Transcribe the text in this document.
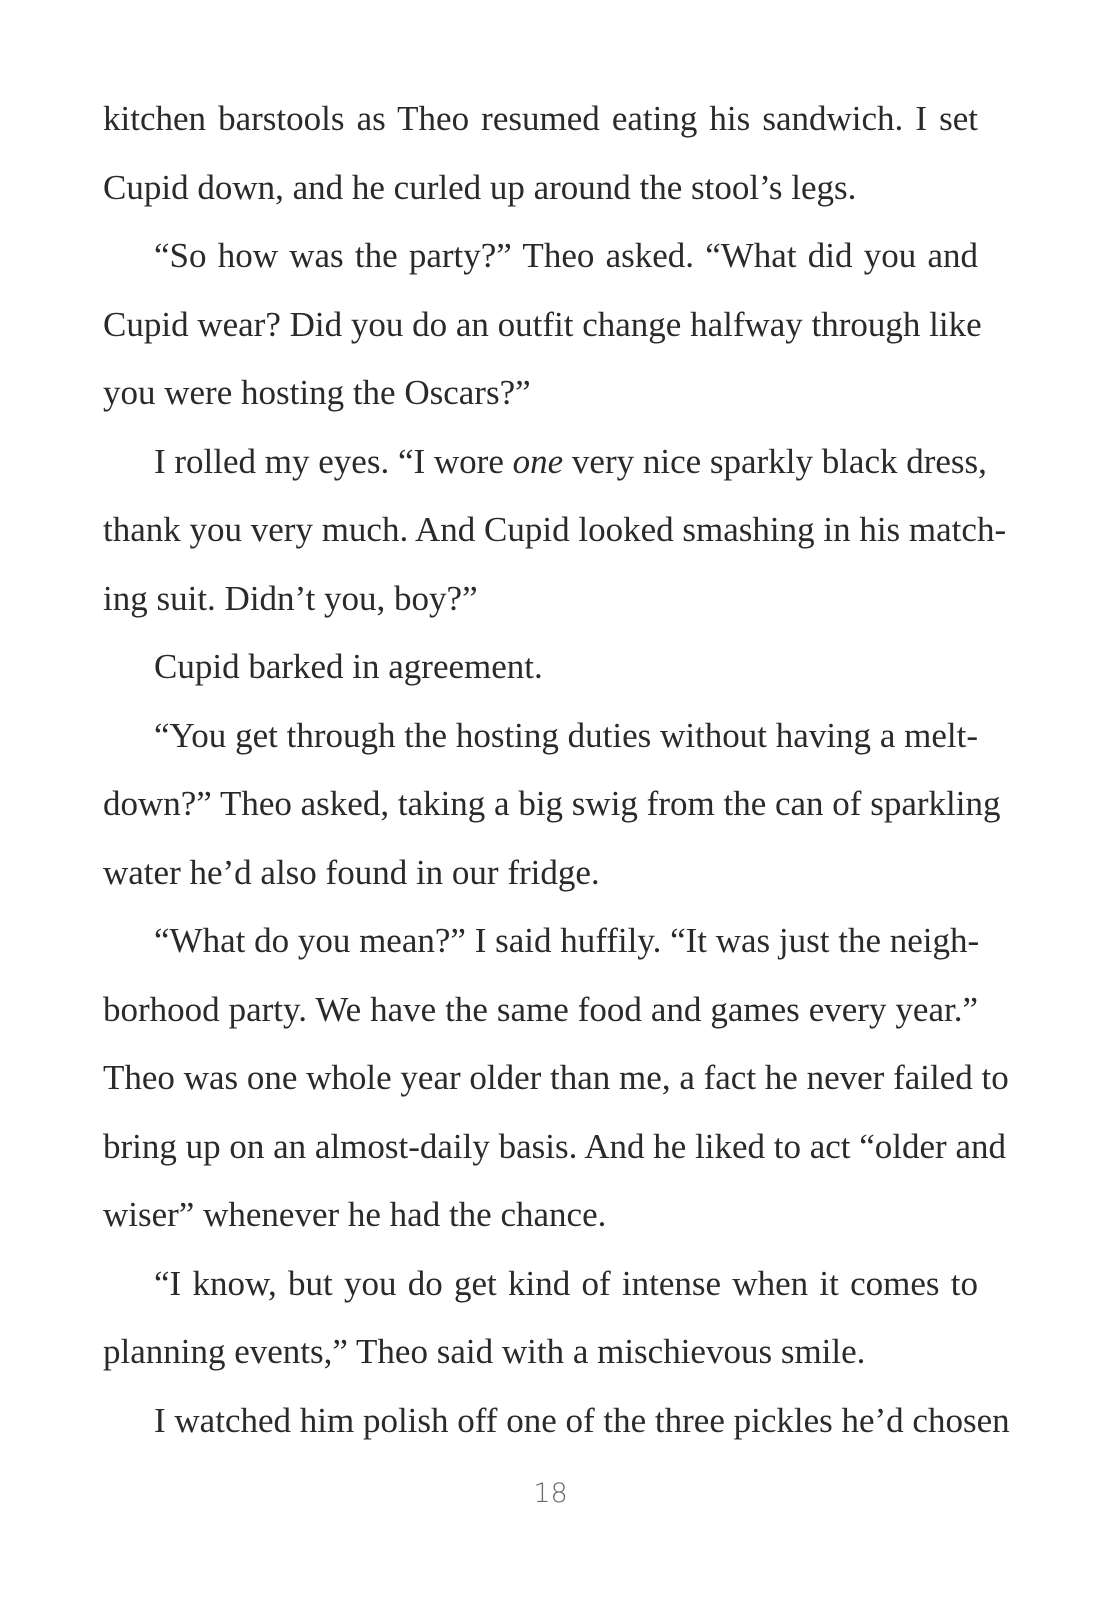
kitchen barstools as Theo resumed eating his sandwich. I set
Cupid down, and he curled up around the stool’s legs.
“So how was the party?” Theo asked. “What did you and
Cupid wear? Did you do an outfit change halfway through like
you were hosting the Oscars?”
I rolled my eyes. “I wore one very nice sparkly black dress,
thank you very much. And Cupid looked smashing in his match-
ing suit. Didn’t you, boy?”
Cupid barked in agreement.
“You get through the hosting duties without having a melt-
down?” Theo asked, taking a big swig from the can of sparkling
water he’d also found in our fridge.
“What do you mean?” I said huffily. “It was just the neigh-
borhood party. We have the same food and games every year.”
Theo was one whole year older than me, a fact he never failed to
bring up on an almost-daily basis. And he liked to act “older and
wiser” whenever he had the chance.
“I know, but you do get kind of intense when it comes to
planning events,” Theo said with a mischievous smile.
I watched him polish off one of the three pickles he’d chosen
18
